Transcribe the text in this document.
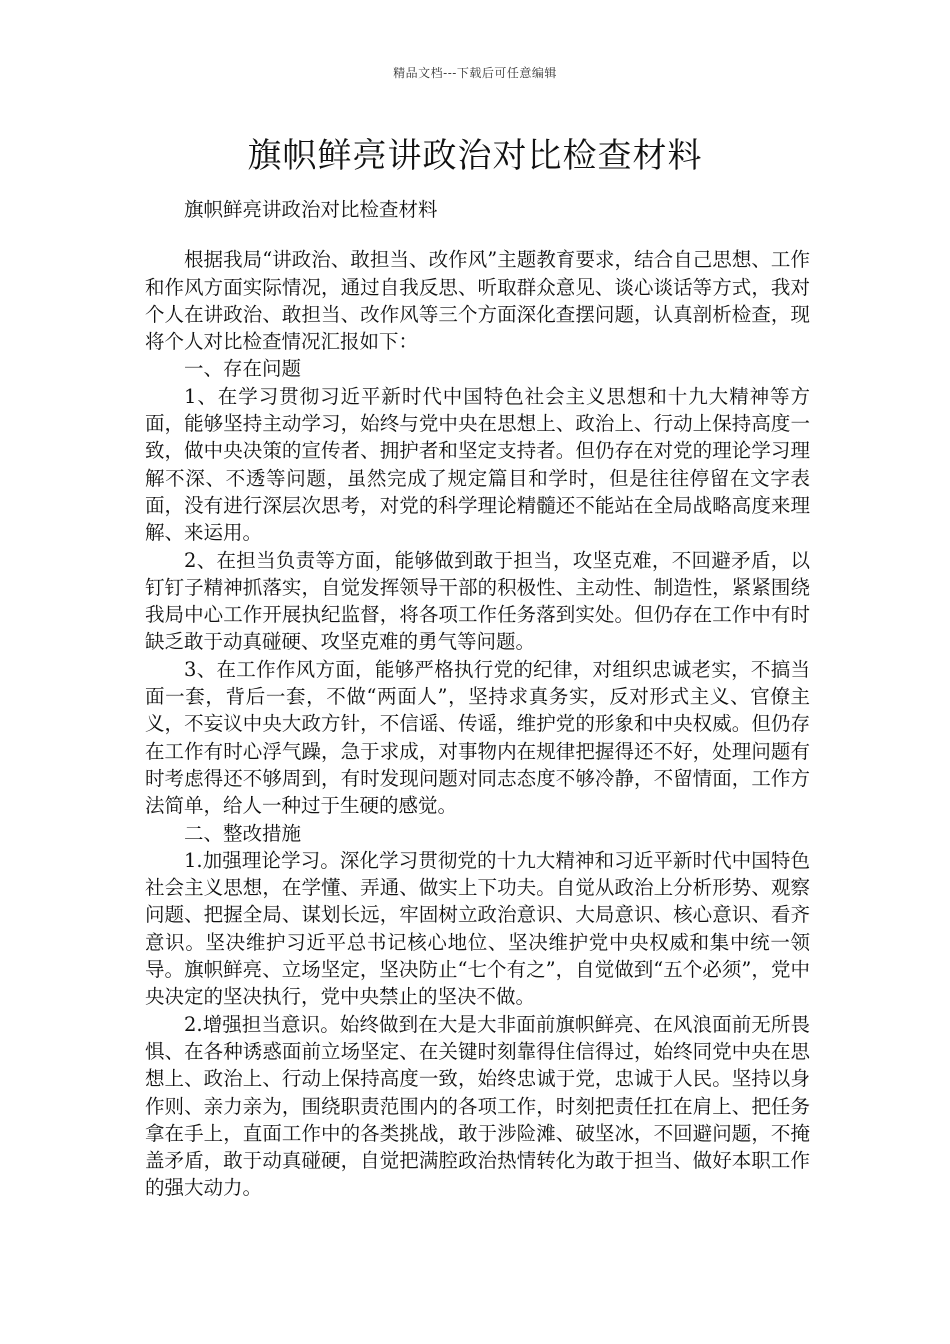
精品文档---下载后可任意编辑
旗帜鲜亮讲政治对比检查材料

旗帜鲜亮讲政治对比检查材料

根据我局“讲政治、敢担当、改作风”主题教育要求，结合自己思想、工作和作风方面实际情况，通过自我反思、听取群众意见、谈心谈话等方式，我对个人在讲政治、敢担当、改作风等三个方面深化查摆问题，认真剖析检查，现将个人对比检查情况汇报如下：

一、存在问题

1、在学习贯彻习近平新时代中国特色社会主义思想和十九大精神等方面，能够坚持主动学习，始终与党中央在思想上、政治上、行动上保持高度一致，做中央决策的宣传者、拥护者和坚定支持者。但仍存在对党的理论学习理解不深、不透等问题，虽然完成了规定篇目和学时，但是往往停留在文字表面，没有进行深层次思考，对党的科学理论精髓还不能站在全局战略高度来理解、来运用。

2、在担当负责等方面，能够做到敢于担当，攻坚克难，不回避矛盾，以钉钉子精神抓落实，自觉发挥领导干部的积极性、主动性、制造性，紧紧围绕我局中心工作开展执纪监督，将各项工作任务落到实处。但仍存在工作中有时缺乏敢于动真碰硬、攻坚克难的勇气等问题。

3、在工作作风方面，能够严格执行党的纪律，对组织忠诚老实，不搞当面一套，背后一套，不做“两面人”，坚持求真务实，反对形式主义、官僚主义，不妄议中央大政方针，不信谣、传谣，维护党的形象和中央权威。但仍存在工作有时心浮气躁，急于求成，对事物内在规律把握得还不好，处理问题有时考虑得还不够周到，有时发现问题对同志态度不够冷静，不留情面，工作方法简单，给人一种过于生硬的感觉。

二、整改措施

1.加强理论学习。深化学习贯彻党的十九大精神和习近平新时代中国特色社会主义思想，在学懂、弄通、做实上下功夫。自觉从政治上分析形势、观察问题、把握全局、谋划长远，牢固树立政治意识、大局意识、核心意识、看齐意识。坚决维护习近平总书记核心地位、坚决维护党中央权威和集中统一领导。旗帜鲜亮、立场坚定，坚决防止“七个有之”，自觉做到“五个必须”，党中央决定的坚决执行，党中央禁止的坚决不做。

2.增强担当意识。始终做到在大是大非面前旗帜鲜亮、在风浪面前无所畏惧、在各种诱惑面前立场坚定、在关键时刻靠得住信得过，始终同党中央在思想上、政治上、行动上保持高度一致，始终忠诚于党，忠诚于人民。坚持以身作则、亲力亲为，围绕职责范围内的各项工作，时刻把责任扛在肩上、把任务拿在手上，直面工作中的各类挑战，敢于涉险滩、破坚冰，不回避问题，不掩盖矛盾，敢于动真碰硬，自觉把满腔政治热情转化为敢于担当、做好本职工作的强大动力。
